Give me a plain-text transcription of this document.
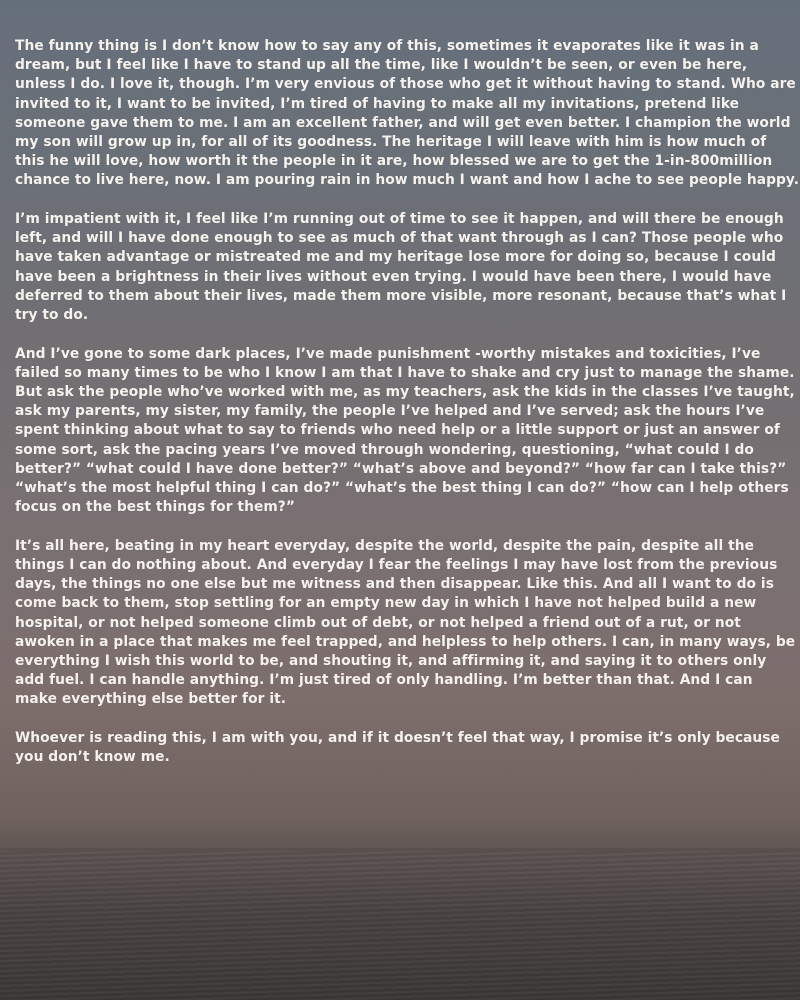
The funny thing is I don’t know how to say any of this, sometimes it evaporates like it was in a dream, but I feel like I have to stand up all the time, like I wouldn’t be seen, or even be here, unless I do. I love it, though. I’m very envious of those who get it without having to stand. Who are invited to it, I want to be invited, I’m tired of having to make all my invitations, pretend like someone gave them to me. I am an excellent father, and will get even better. I champion the world my son will grow up in, for all of its goodness. The heritage I will leave with him is how much of this he will love, how worth it the people in it are, how blessed we are to get the 1-in-800million chance to live here, now. I am pouring rain in how much I want and how I ache to see people happy.

I’m impatient with it, I feel like I’m running out of time to see it happen, and will there be enough left, and will I have done enough to see as much of that want through as I can? Those people who have taken advantage or mistreated me and my heritage lose more for doing so, because I could have been a brightness in their lives without even trying. I would have been there, I would have deferred to them about their lives, made them more visible, more resonant, because that’s what I try to do.

And I’ve gone to some dark places, I’ve made punishment -worthy mistakes and toxicities, I’ve failed so many times to be who I know I am that I have to shake and cry just to manage the shame. But ask the people who’ve worked with me, as my teachers, ask the kids in the classes I’ve taught, ask my parents, my sister, my family, the people I’ve helped and I’ve served; ask the hours I’ve spent thinking about what to say to friends who need help or a little support or just an answer of some sort, ask the pacing years I’ve moved through wondering, questioning, “what could I do better?” “what could I have done better?” “what’s above and beyond?” “how far can I take this?” “what’s the most helpful thing I can do?” “what’s the best thing I can do?” “how can I help others focus on the best things for them?”

It’s all here, beating in my heart everyday, despite the world, despite the pain, despite all the things I can do nothing about. And everyday I fear the feelings I may have lost from the previous days, the things no one else but me witness and then disappear. Like this. And all I want to do is come back to them, stop settling for an empty new day in which I have not helped build a new hospital, or not helped someone climb out of debt, or not helped a friend out of a rut, or not awoken in a place that makes me feel trapped, and helpless to help others. I can, in many ways, be everything I wish this world to be, and shouting it, and affirming it, and saying it to others only add fuel. I can handle anything. I’m just tired of only handling. I’m better than that. And I can make everything else better for it.

Whoever is reading this, I am with you, and if it doesn’t feel that way, I promise it’s only because you don’t know me.
